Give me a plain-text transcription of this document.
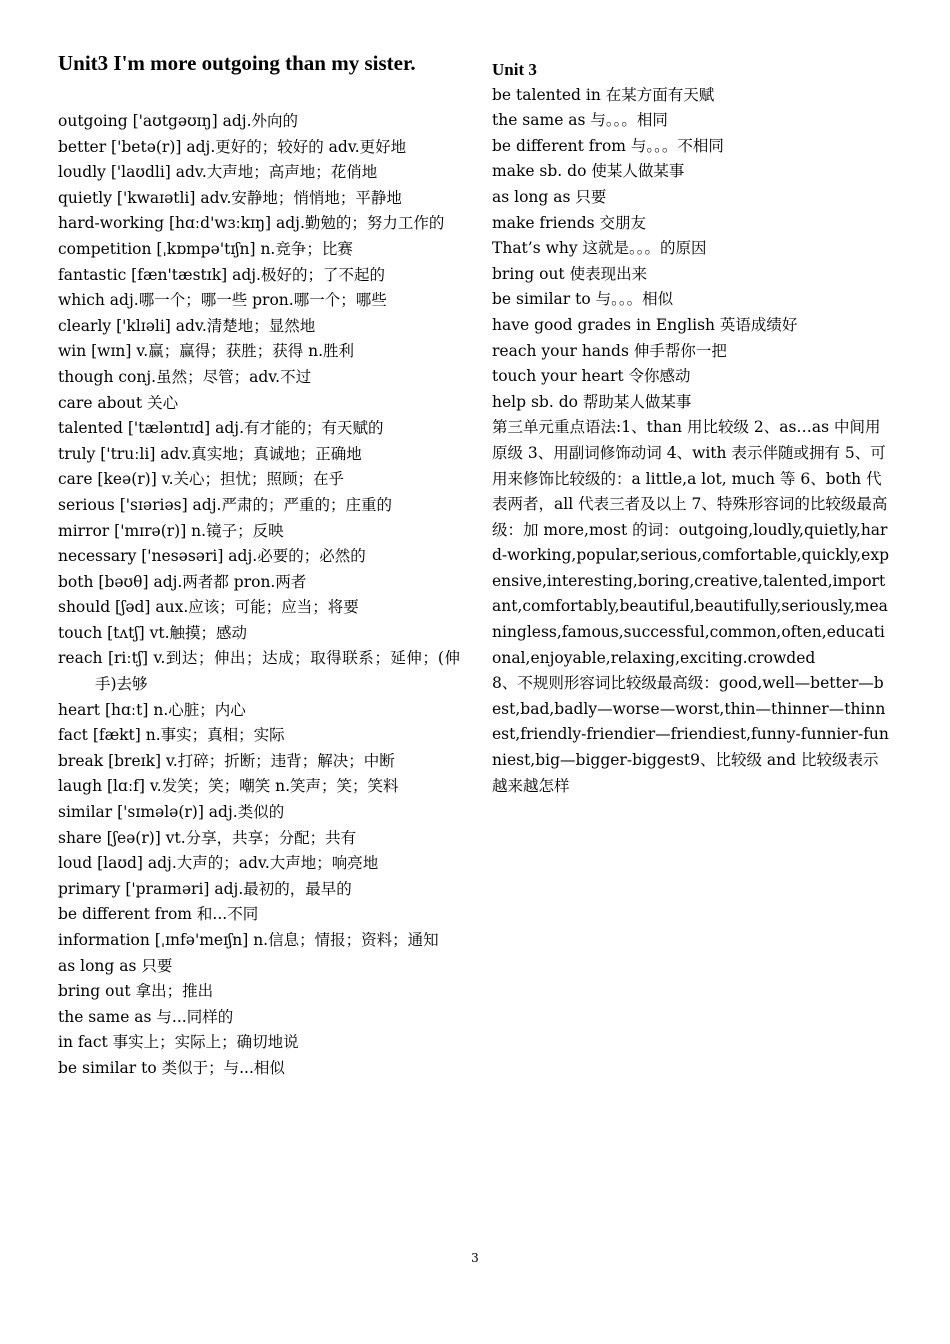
Unit3 I'm more outgoing than my sister.
outgoing ['aʊtgəʊɪŋ] adj.外向的
better ['betə(r)] adj.更好的；较好的 adv.更好地
loudly ['laʊdli] adv.大声地；高声地；花俏地
quietly ['kwaɪətli] adv.安静地；悄悄地；平静地
hard-working [hɑːd'wɜːkɪŋ] adj.勤勉的；努力工作的
competition [ˌkɒmpə'tɪʃn] n.竞争；比赛
fantastic [fæn'tæstɪk] adj.极好的；了不起的
which adj.哪一个；哪一些 pron.哪一个；哪些
clearly ['klɪəli] adv.清楚地；显然地
win [wɪn] v.赢；赢得；获胜；获得 n.胜利
though conj.虽然；尽管；adv.不过
care about 关心
talented ['tæləntɪd] adj.有才能的；有天赋的
truly ['truːli] adv.真实地；真诚地；正确地
care [keə(r)] v.关心；担忧；照顾；在乎
serious ['sɪəriəs] adj.严肃的；严重的；庄重的
mirror ['mɪrə(r)] n.镜子；反映
necessary ['nesəsəri] adj.必要的；必然的
both [bəʊθ] adj.两者都 pron.两者
should [ʃəd] aux.应该；可能；应当；将要
touch [tʌtʃ] vt.触摸；感动
reach [riːtʃ] v.到达；伸出；达成；取得联系；延伸；(伸手)去够
heart [hɑːt] n.心脏；内心
fact [fækt] n.事实；真相；实际
break [breɪk] v.打碎；折断；违背；解决；中断
laugh [lɑːf] v.发笑；笑；嘲笑 n.笑声；笑；笑料
similar ['sɪmələ(r)] adj.类似的
share [ʃeə(r)] vt.分享，共享；分配；共有
loud [laʊd] adj.大声的；adv.大声地；响亮地
primary ['praɪməri] adj.最初的，最早的
be different from 和...不同
information [ˌɪnfə'meɪʃn] n.信息；情报；资料；通知
as long as 只要
bring out 拿出；推出
the same as 与...同样的
in fact 事实上；实际上；确切地说
be similar to 类似于；与...相似
Unit 3
be talented in 在某方面有天赋
the same as 与。。。相同
be different from 与。。。不相同
make sb. do 使某人做某事
as long as 只要
make friends 交朋友
That’s why 这就是。。。的原因
bring out 使表现出来
be similar to 与。。。相似
have good grades in English 英语成绩好
reach your hands 伸手帮你一把
touch your heart 令你感动
help sb. do 帮助某人做某事

第三单元重点语法:1、than 用比较级 2、as…as 中间用原级 3、用副词修饰动词 4、with 表示伴随或拥有 5、可用来修饰比较级的：a little,a lot, much 等 6、both 代表两者，all 代表三者及以上 7、特殊形容词的比较级最高级：加 more,most 的词：outgoing,loudly,quietly,hard-working,popular,serious,comfortable,quickly,expensive,interesting,boring,creative,talented,important,comfortably,beautiful,beautifully,seriously,meaningless,famous,successful,common,often,educational,enjoyable,relaxing,exciting.crowded

8、不规则形容词比较级最高级：good,well—better—best,bad,badly—worse—worst,thin—thinner—thinnest,friendly-friendier—friendiest,funny-funnier-funniest,big—bigger-biggest9、比较级 and 比较级表示越来越怎样

3
